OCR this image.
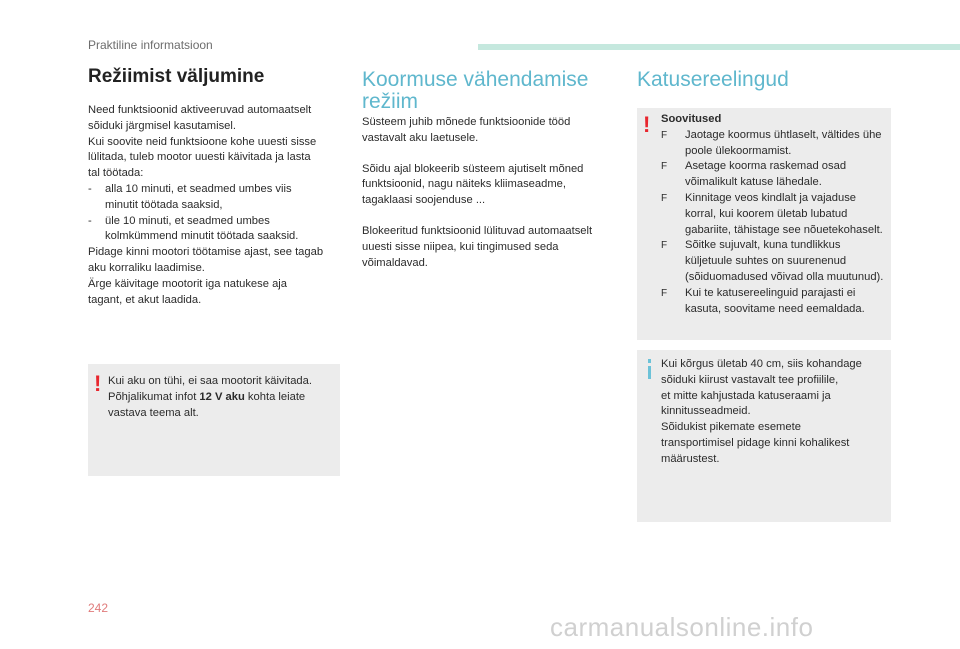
Praktiline informatsioon
Režiimist väljumine

Need funktsioonid aktiveeruvad automaatselt

sõiduki järgmisel kasutamisel.

Kui soovite neid funktsioone kohe uuesti sisse

lülitada, tuleb mootor uuesti käivitada ja lasta

tal töötada:

- alla 10 minuti, et seadmed umbes viis
minutit töötada saaksid,

- üle 10 minuti, et seadmed umbes
kolmkümmend minutit töötada saaksid.

Pidage kinni mootori töötamise ajast, see tagab

aku korraliku laadimise.

Ärge käivitage mootorit iga natukese aja

tagant, et akut laadida.

! Kui aku on tühi, ei saa mootorit käivitada.

Põhjalikumat infot 12 V aku kohta leiate

vastava teema alt.

Koormuse vähendamise
režiim

Süsteem juhib mõnede funktsioonide tööd

vastavalt aku laetusele.

Sõidu ajal blokeerib süsteem ajutiselt mõned

funktsioonid, nagu näiteks kliimaseadme,

tagaklaasi soojenduse ...

Blokeeritud funktsioonid lülituvad automaatselt

uuesti sisse niipea, kui tingimused seda

võimaldavad.

Katusereelingud
! Soovitused

F Jaotage koormus ühtlaselt, vältides ühe
poole ülekoormamist.

F Asetage koorma raskemad osad
võimalikult katuse lähedale.

F Kinnitage veos kindlalt ja vajaduse
korral, kui koorem ületab lubatud
gabariite, tähistage see nõuetekohaselt.

F Sõitke sujuvalt, kuna tundlikkus
küljetuule suhtes on suurenenud
(sõiduomadused võivad olla muutunud).

F Kui te katusereelinguid parajasti ei
kasuta, soovitame need eemaldada.

Kui kõrgus ületab 40 cm, siis kohandage

sõiduki kiirust vastavalt tee profiilile,

et mitte kahjustada katuseraami ja

kinnitusseadmeid.

Sõidukist pikemate esemete

transportimisel pidage kinni kohalikest

määrustest.

242
carmanualsonline.info
